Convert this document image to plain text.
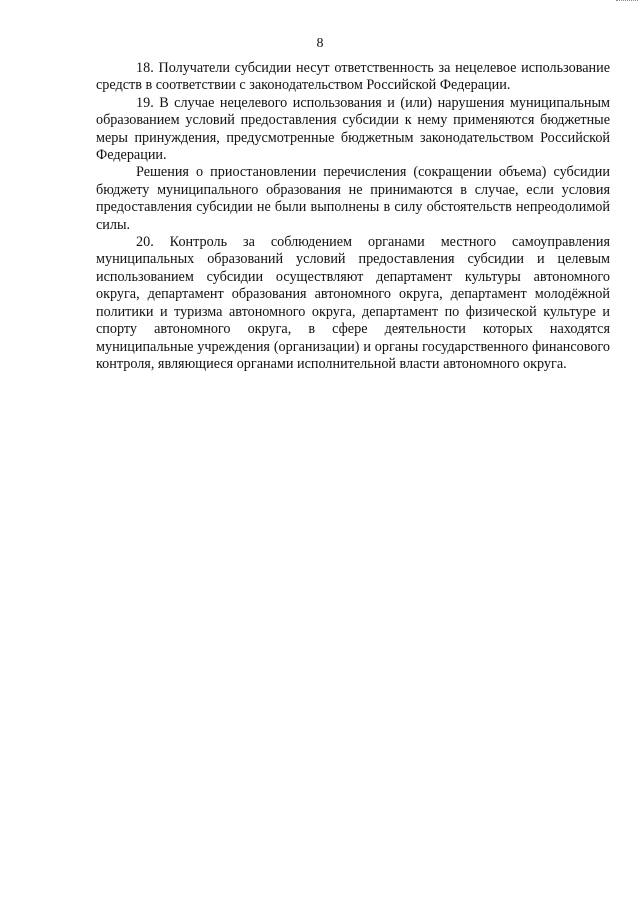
8

18. Получатели субсидии несут ответственность за нецелевое использование средств в соответствии с законодательством Российской Федерации.

19. В случае нецелевого использования и (или) нарушения муниципальным образованием условий предоставления субсидии к нему применяются бюджетные меры принуждения, предусмотренные бюджетным законодательством Российской Федерации.

Решения о приостановлении перечисления (сокращении объема) субсидии бюджету муниципального образования не принимаются в случае, если условия предоставления субсидии не были выполнены в силу обстоятельств непреодолимой силы.

20. Контроль за соблюдением органами местного самоуправления муниципальных образований условий предоставления субсидии и целевым использованием субсидии осуществляют департамент культуры автономного округа, департамент образования автономного округа, департамент молодёжной политики и туризма автономного округа, департамент по физической культуре и спорту автономного округа, в сфере деятельности которых находятся муниципальные учреждения (организации) и органы государственного финансового контроля, являющиеся органами исполнительной власти автономного округа.
